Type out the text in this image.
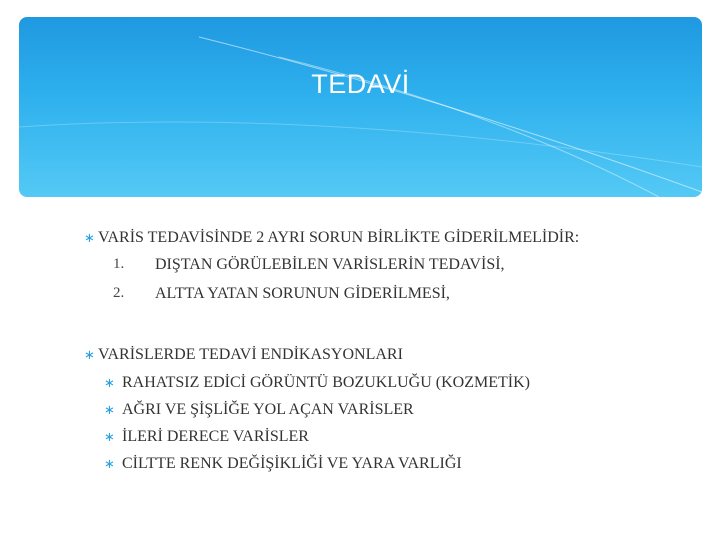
TEDAVİ
∗ VARİS TEDAVİSİNDE 2 AYRI SORUN BİRLİKTE GİDERİLMELİDİR:
1. DIŞTAN GÖRÜLEBİLEN VARİSLERİN TEDAVİSİ,
2. ALTTA YATAN SORUNUN GİDERİLMESİ,
∗ VARİSLERDE TEDAVİ ENDİKASYONLARI
∗ RAHATSIZ EDİCİ GÖRÜNTÜ BOZUKLUĞU (KOZMETİK)
∗ AĞRI VE ŞİŞLİĞE YOL AÇAN VARİSLER
∗ İLERİ DERECE VARİSLER
∗ CİLTTE RENK DEĞİŞİKLİĞİ VE YARA VARLIĞI
